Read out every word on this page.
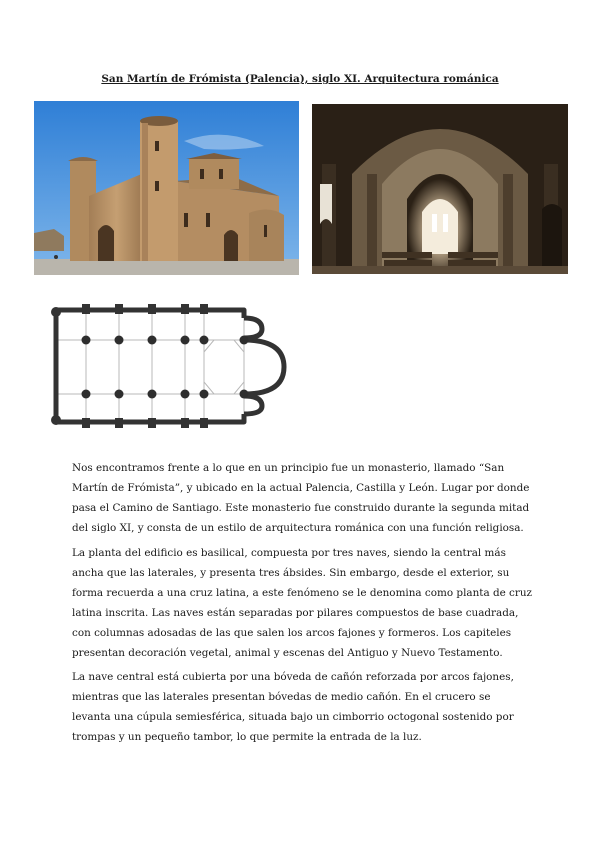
San Martín de Frómista (Palencia), siglo XI. Arquitectura románica

Nos encontramos frente a lo que en un principio fue un monasterio, llamado “San Martín de Frómista”, y ubicado en la actual Palencia, Castilla y León. Lugar por donde pasa el Camino de Santiago. Este monasterio fue construido durante la segunda mitad del siglo XI, y consta de un estilo de arquitectura románica con una función religiosa.

La planta del edificio es basilical, compuesta por tres naves, siendo la central más ancha que las laterales, y presenta tres ábsides. Sin embargo, desde el exterior, su forma recuerda a una cruz latina, a este fenómeno se le denomina como planta de cruz latina inscrita. Las naves están separadas por pilares compuestos de base cuadrada, con columnas adosadas de las que salen los arcos fajones y formeros. Los capiteles presentan decoración vegetal, animal y escenas del Antiguo y Nuevo Testamento.

La nave central está cubierta por una bóveda de cañón reforzada por arcos fajones, mientras que las laterales presentan bóvedas de medio cañón. En el crucero se levanta una cúpula semiesférica, situada bajo un cimborrio octogonal sostenido por trompas y un pequeño tambor, lo que permite la entrada de la luz.
